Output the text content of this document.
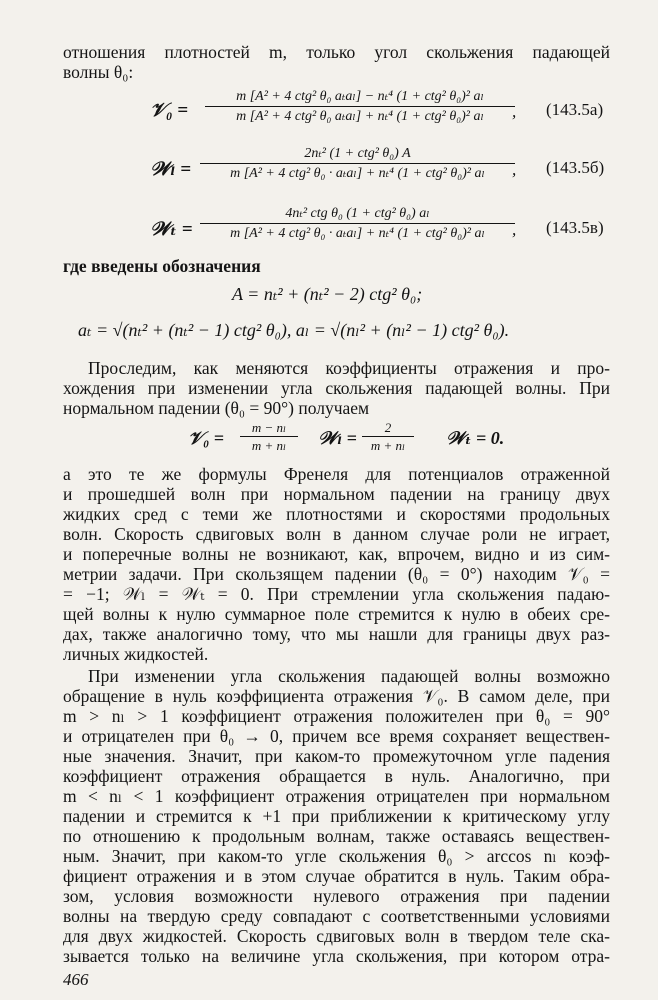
отношения плотностей m, только угол скольжения падающей

волны θ₀:

𝒱₀ =
m [A² + 4 ctg² θ₀ aₜaₗ] − nₜ⁴ (1 + ctg² θ₀)² aₗ
m [A² + 4 ctg² θ₀ aₜaₗ] + nₜ⁴ (1 + ctg² θ₀)² aₗ , (143.5а)
𝒲ₗ =
2nₜ² (1 + ctg² θ₀) A
m [A² + 4 ctg² θ₀ · aₜaₗ] + nₜ⁴ (1 + ctg² θ₀)² aₗ , (143.5б)
𝒲ₜ =
4nₜ² ctg θ₀ (1 + ctg² θ₀) aₗ
m [A² + 4 ctg² θ₀ · aₜaₗ] + nₜ⁴ (1 + ctg² θ₀)² aₗ , (143.5в)

где введены обозначения

A = nₜ² + (nₜ² − 2) ctg² θ₀;
aₜ = √(nₜ² + (nₜ² − 1) ctg² θ₀), aₗ = √(nₗ² + (nₗ² − 1) ctg² θ₀).

Проследим, как меняются коэффициенты отражения и про-

хождения при изменении угла скольжения падающей волны. При

нормальном падении (θ₀ = 90°) получаем

𝒱₀ =
m − nₗ
m + nₗ 𝒲ₗ =
2
m + nₗ 𝒲ₜ = 0.

а это те же формулы Френеля для потенциалов отраженной

и прошедшей волн при нормальном падении на границу двух

жидких сред с теми же плотностями и скоростями продольных

волн. Скорость сдвиговых волн в данном случае роли не играет,

и поперечные волны не возникают, как, впрочем, видно и из сим-

метрии задачи. При скользящем падении (θ₀ = 0°) находим 𝒱₀ =

= −1; 𝒲ₗ = 𝒲ₜ = 0. При стремлении угла скольжения падаю-

щей волны к нулю суммарное поле стремится к нулю в обеих сре-

дах, также аналогично тому, что мы нашли для границы двух раз-

личных жидкостей.

При изменении угла скольжения падающей волны возможно

обращение в нуль коэффициента отражения 𝒱₀. В самом деле, при

m > nₗ > 1 коэффициент отражения положителен при θ₀ = 90°

и отрицателен при θ₀ → 0, причем все время сохраняет веществен-

ные значения. Значит, при каком-то промежуточном угле падения

коэффициент отражения обращается в нуль. Аналогично, при

m < nₗ < 1 коэффициент отражения отрицателен при нормальном

падении и стремится к +1 при приближении к критическому углу

по отношению к продольным волнам, также оставаясь веществен-

ным. Значит, при каком-то угле скольжения θ₀ > arccos nₗ коэф-

фициент отражения и в этом случае обратится в нуль. Таким обра-

зом, условия возможности нулевого отражения при падении

волны на твердую среду совпадают с соответственными условиями

для двух жидкостей. Скорость сдвиговых волн в твердом теле ска-

зывается только на величине угла скольжения, при котором отра-

466
